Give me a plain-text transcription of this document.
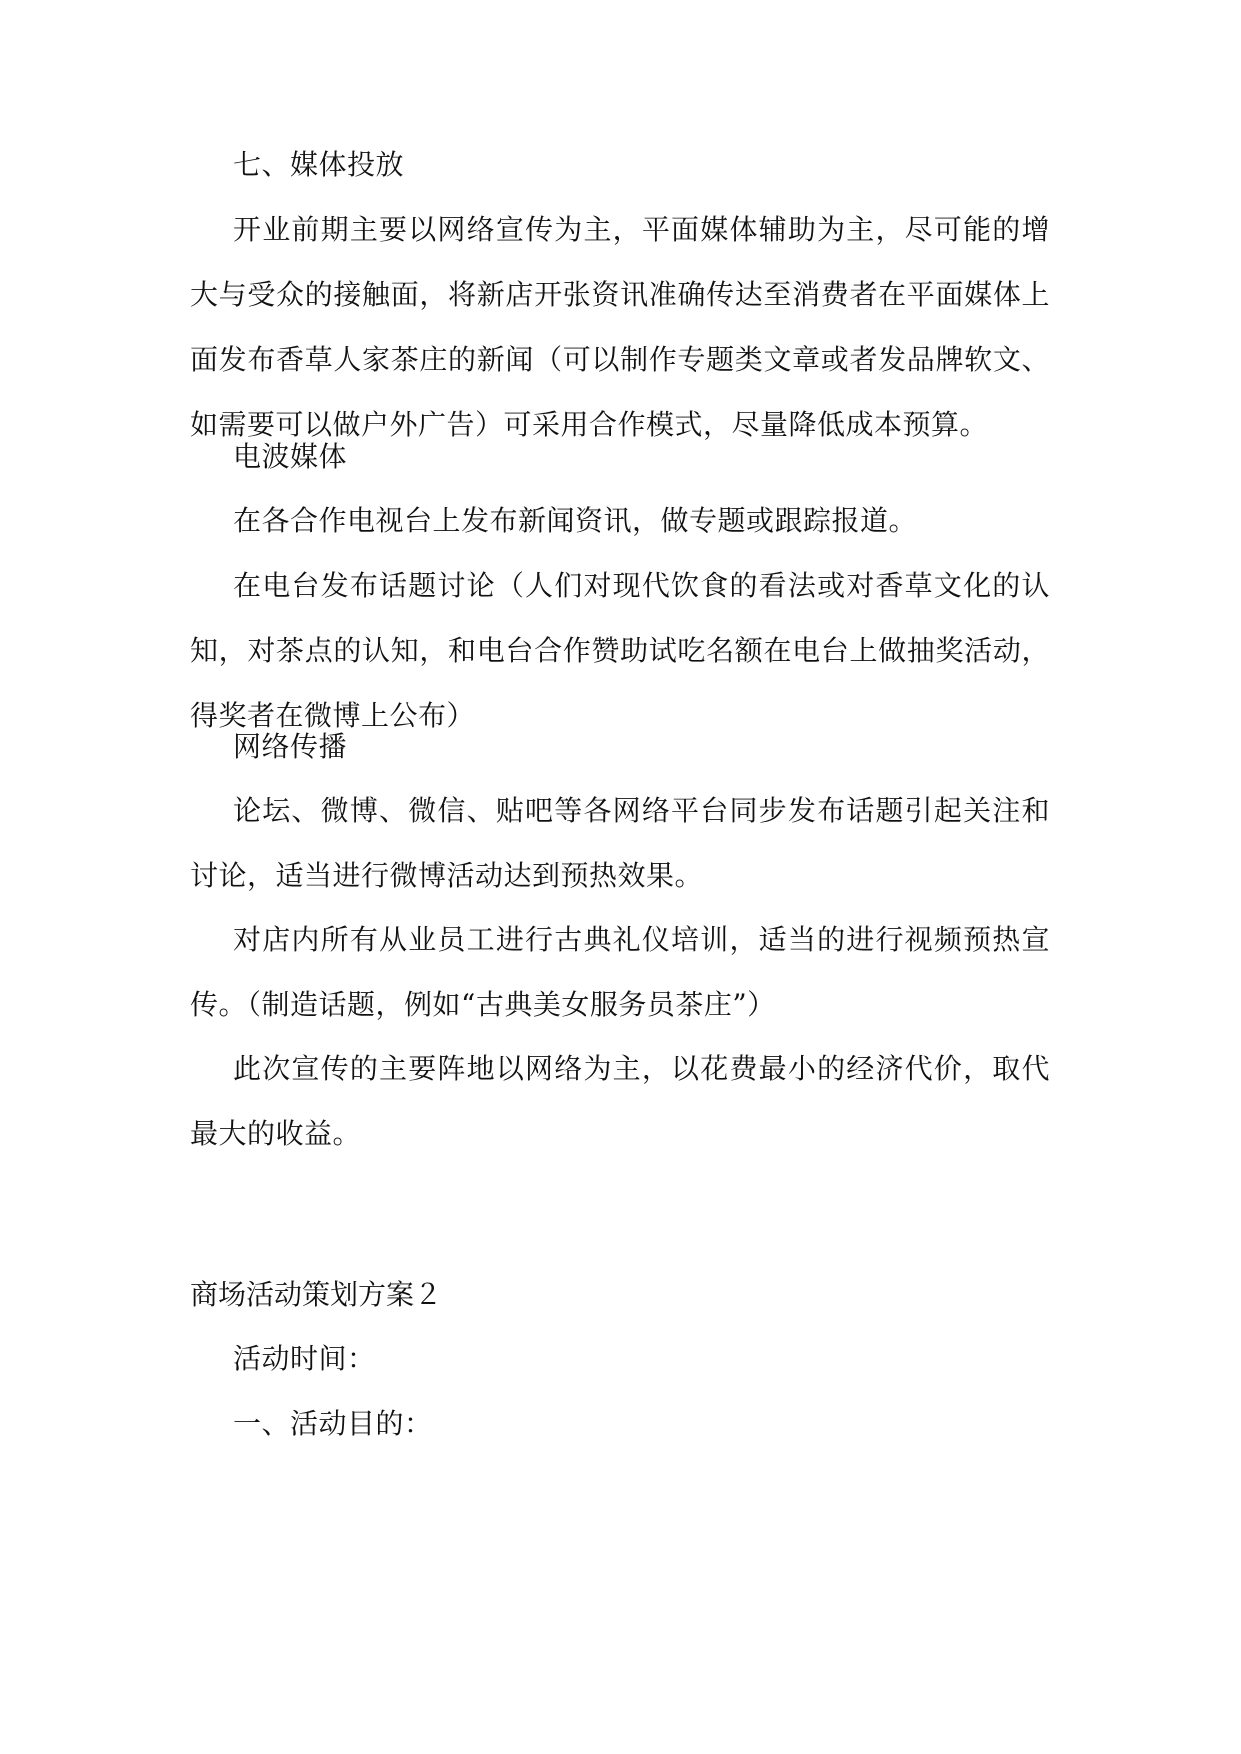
七、媒体投放

开业前期主要以网络宣传为主，平面媒体辅助为主，尽可能的增大与受众的接触面，将新店开张资讯准确传达至消费者在平面媒体上面发布香草人家茶庄的新闻（可以制作专题类文章或者发品牌软文、如需要可以做户外广告）可采用合作模式，尽量降低成本预算。

电波媒体

在各合作电视台上发布新闻资讯，做专题或跟踪报道。

在电台发布话题讨论（人们对现代饮食的看法或对香草文化的认知，对茶点的认知，和电台合作赞助试吃名额在电台上做抽奖活动，得奖者在微博上公布）

网络传播

论坛、微博、微信、贴吧等各网络平台同步发布话题引起关注和讨论，适当进行微博活动达到预热效果。

对店内所有从业员工进行古典礼仪培训，适当的进行视频预热宣传。（制造话题，例如“古典美女服务员茶庄”）

此次宣传的主要阵地以网络为主，以花费最小的经济代价，取代最大的收益。

商场活动策划方案２

活动时间：

一、活动目的：
